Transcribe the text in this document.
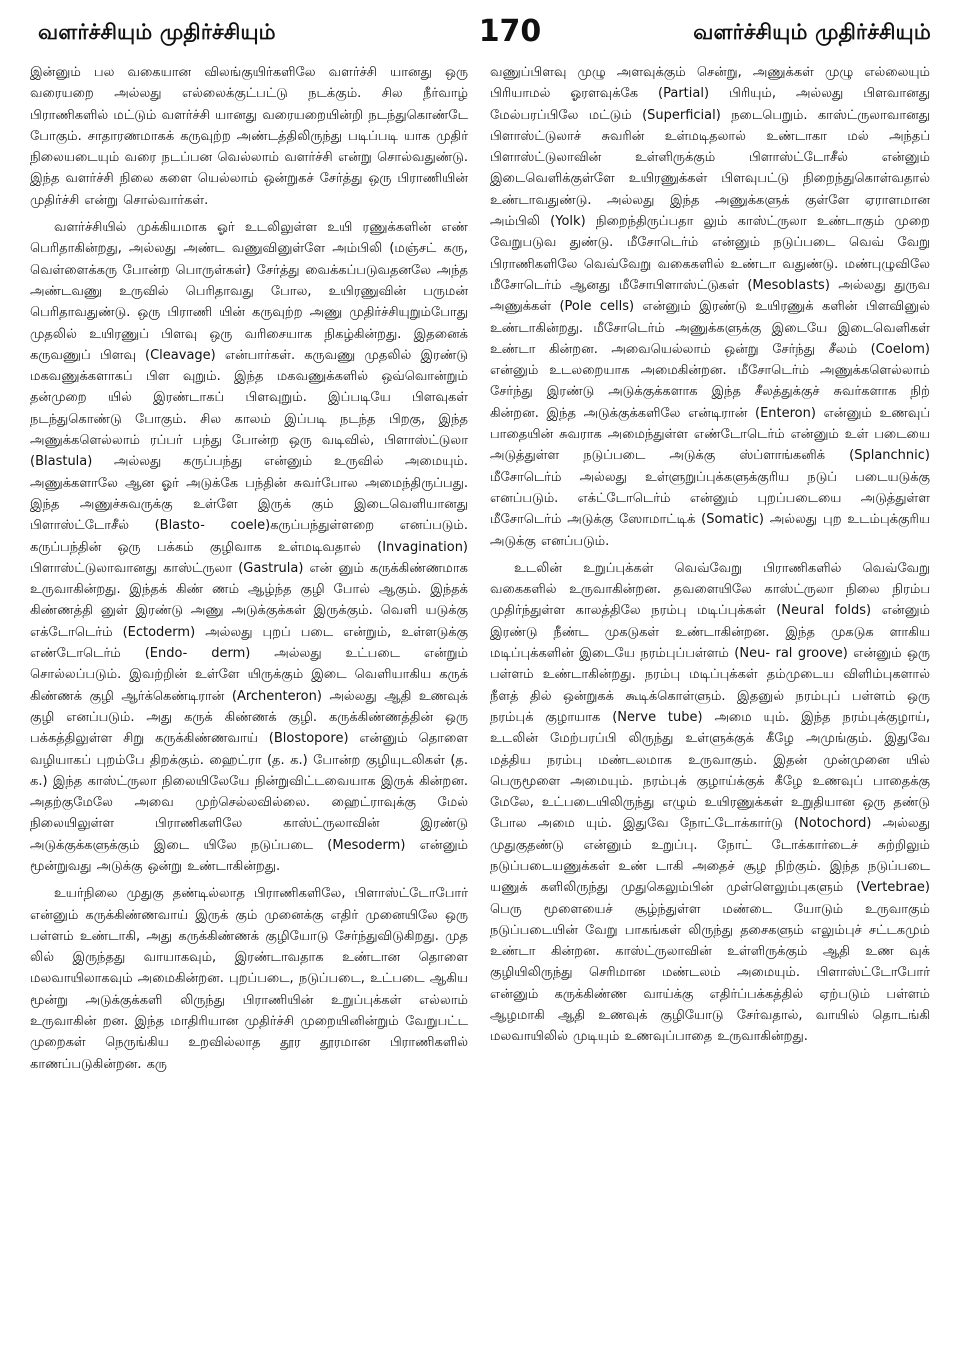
வளர்ச்சியும் முதிர்ச்சியும்	170	வளர்ச்சியும் முதிர்ச்சியும்

இன்னும் பல வகையான விலங்குயிர்களிலே வளர்ச்சி யானது ஒரு வரையறை அல்லது எல்லைக்குட்பட்டு நடக்கும். சில நீர்வாழ் பிராணிகளில் மட்டும் வளர்ச்சி யானது வரையறையின்றி நடந்துகொண்டே போகும். சாதாரணமாகக் கருவுற்ற அண்டத்திலிருந்து படிப்படி யாக முதிர் நிலையடையும் வரை நடப்பன வெல்லாம் வளர்ச்சி என்று சொல்வதுண்டு. இந்த வளர்ச்சி நிலை களை யெல்லாம் ஒன்றுகச் சேர்த்து ஒரு பிராணியின் முதிர்ச்சி என்று சொல்வார்கள்.

வளர்ச்சியில் முக்கியமாக ஓர் உடலிலுள்ள உயி ரணுக்களின் எண் பெரிதாகின்றது, அல்லது அண்ட வணுவினுள்ளே அம்பிலி (மஞ்சட் கரு, வெள்ளைக்கரு போன்ற பொருள்கள்) சேர்த்து வைக்கப்படுவதனலே அந்த அண்டவணு உருவில் பெரிதாவது போல, உயிரணுவின் பருமன் பெரிதாவதுண்டு. ஒரு பிராணி யின் கருவுற்ற அணு முதிர்ச்சியுறும்போது முதலில் உயிரணுப் பிளவு ஒரு வரிசையாக நிகழ்கின்றது. இதனைக் கருவணுப் பிளவு (Cleavage) என்பார்கள். கருவணு முதலில் இரண்டு மகவணுக்களாகப் பிள வுறும். இந்த மகவணுக்களில் ஒவ்வொன்றும் தன்முறை யில் இரண்டாகப் பிளவுறும். இப்படியே பிளவுகள் நடந்துகொண்டு போகும். சில காலம் இப்படி நடந்த பிறகு, இந்த அணுக்களெல்லாம் ரப்பர் பந்து போன்ற ஒரு வடிவில், பிளாஸ்ட்டுலா (Blastula) அல்லது கருப்பந்து என்னும் உருவில் அமையும். அணுக்களாலே ஆன ஓர் அடுக்கே பந்தின் சுவர்போல அமைந்திருப்பது. இந்த அணுச்சுவருக்கு உள்ளே இருக் கும் இடைவெளியானது பிளாஸ்ட்டோசீல் (Blasto- coele)கருப்பந்துள்ளறை எனப்படும். கருப்பந்தின் ஒரு பக்கம் குழிவாக உள்மடிவதால் (Invagination) பிளாஸ்ட்டுலாவானது காஸ்ட்ருலா (Gastrula) என் னும் கருக்கிண்ணமாக உருவாகின்றது. இந்தக் கிண் ணம் ஆழ்ந்த குழி போல் ஆகும். இந்தக் கிண்ணத்தி னுள் இரண்டு அணு அடுக்குக்கள் இருக்கும். வெளி யடுக்கு எக்டோடெர்ம் (Ectoderm) அல்லது புறப் படை என்றும், உள்ளடுக்கு எண்டோடெர்ம் (Endo- derm) அல்லது உட்படை என்றும் சொல்லப்படும். இவற்றின் உள்ளே யிருக்கும் இடை வெளியாகிய கருக் கிண்ணக் குழி ஆர்க்கெண்டிரான் (Archenteron) அல்லது ஆதி உணவுக் குழி எனப்படும். அது கருக் கிண்ணக் குழி. கருக்கிண்ணத்தின் ஒரு பக்கத்திலுள்ள சிறு கருக்கிண்ணவாய் (Blostopore) என்னும் தொளை வழியாகப் புறம்பே திறக்கும். ஹைட்ரா (த. க.) போன்ற குழியுடலிகள் (த. க.) இந்த காஸ்ட்ருலா நிலையிலேயே நின்றுவிட்டவையாக இருக் கின்றன. அதற்குமேலே அவை முற்செல்லவில்லை. ஹைட்ராவுக்கு மேல் நிலையிலுள்ள பிராணிகளிலே காஸ்ட்ருலாவின் இரண்டு அடுக்குக்களுக்கும் இடை யிலே நடுப்படை (Mesoderm) என்னும் மூன்றுவது அடுக்கு ஒன்று உண்டாகின்றது.

உயர்நிலை முதுகு தண்டில்லாத பிராணிகளிலே, பிளாஸ்ட்டோபோர் என்னும் கருக்கிண்ணவாய் இருக் கும் முனைக்கு எதிர் முனையிலே ஒரு பள்ளம் உண்டாகி, அது கருக்கிண்ணக் குழியோடு சேர்ந்துவிடுகிறது. முத லில் இருந்தது வாயாகவும், இரண்டாவதாக உண்டான தொளை மலவாயிலாகவும் அமைகின்றன. புறப்படை, நடுப்படை, உட்படை ஆகிய மூன்று அடுக்குக்களி லிருந்து பிராணியின் உறுப்புக்கள் எல்லாம் உருவாகின் றன. இந்த மாதிரியான முதிர்ச்சி முறையினின்றும் வேறுபட்ட முறைகள் நெருங்கிய உறவில்லாத தூர தூரமான பிராணிகளில் காணப்படுகின்றன. கரு

வணுப்பிளவு முழு அளவுக்கும் சென்று, அணுக்கள் முழு எல்லையும் பிரியாமல் ஓரளவுக்கே (Partial) பிரியும், அல்லது பிளவானது மேல்பரப்பிலே மட்டும் (Superficial) நடைபெறும். காஸ்ட்ருலாவானது பிளாஸ்ட்டுலாச் சுவரின் உள்மடிதலால் உண்டாகா மல் அந்தப் பிளாஸ்ட்டுலாவின் உள்ளிருக்கும் பிளாஸ்ட்டோசீல் என்னும் இடைவெளிக்குள்ளே உயிரணுக்கள் பிளவுபட்டு நிறைந்துகொள்வதால் உண்டாவதுண்டு. அல்லது இந்த அணுக்களுக் குள்ளே ஏராளமான அம்பிலி (Yolk) நிறைந்திருப்பதா லும் காஸ்ட்ருலா உண்டாகும் முறை வேறுபடுவ துண்டு. மீசோடெர்ம் என்னும் நடுப்படை வெவ் வேறு பிராணிகளிலே வெவ்வேறு வகைகளில் உண்டா வதுண்டு. மண்புழுவிலே மீசோடெர்ம் ஆனது மீசோபிளாஸ்ட்டுகள் (Mesoblasts) அல்லது துருவ அணுக்கள் (Pole cells) என்னும் இரண்டு உயிரணுக் களின் பிளவினுல் உண்டாகின்றது. மீசோடெர்ம் அணுக்களுக்கு இடையே இடைவெளிகள் உண்டா கின்றன. அவையெல்லாம் ஒன்று சேர்ந்து சீலம் (Coelom) என்னும் உடலறையாக அமைகின்றன. மீசோடெர்ம் அணுக்களெல்லாம் சேர்ந்து இரண்டு அடுக்குக்களாக இந்த சீலத்துக்குச் சுவர்களாக நிற் கின்றன. இந்த அடுக்குக்களிலே என்டிரான் (Enteron) என்னும் உணவுப் பாதையின் சுவராக அமைந்துள்ள எண்டோடெர்ம் என்னும் உள் படையை அடுத்துள்ள நடுப்படை அடுக்கு ஸ்ப்ளாங்கனிக் (Splanchnic) மீசோடெர்ம் அல்லது உள்ளுறுப்புக்களுக்குரிய நடுப் படையடுக்கு எனப்படும். எக்ட்டோடெர்ம் என்னும் புறப்படையை அடுத்துள்ள மீசோடெர்ம் அடுக்கு ஸோமாட்டிக் (Somatic) அல்லது புற உடம்புக்குரிய அடுக்கு எனப்படும்.

உடலின் உறுப்புக்கள் வெவ்வேறு பிராணிகளில் வெவ்வேறு வகைகளில் உருவாகின்றன. தவளையிலே காஸ்ட்ருலா நிலை நிரம்ப முதிர்ந்துள்ள காலத்திலே நரம்பு மடிப்புக்கள் (Neural folds) என்னும் இரண்டு நீண்ட முகடுகள் உண்டாகின்றன. இந்த முகடுக ளாகிய மடிப்புக்களின் இடையே நரம்புப்பள்ளம் (Neu- ral groove) என்னும் ஒரு பள்ளம் உண்டாகின்றது. நரம்பு மடிப்புக்கள் தம்முடைய விளிம்புகளால் நீளத் தில் ஒன்றுகக் கூடிக்கொள்ளும். இதனுல் நரம்புப் பள்ளம் ஒரு நரம்புக் குழாயாக (Nerve tube) அமை யும். இந்த நரம்புக்குழாய், உடலின் மேற்பரப்பி லிருந்து உள்ளுக்குக் கீழே அமுங்கும். இதுவே மத்திய நரம்பு மண்டலமாக உருவாகும். இதன் முன்முனை யில் பெருமூளை அமையும். நரம்புக் குழாய்க்குக் கீழே உணவுப் பாதைக்கு மேலே, உட்படையிலிருந்து எழும் உயிரணுக்கள் உறுதியான ஒரு தண்டு போல அமை யும். இதுவே நோட்டோக்கார்டு (Notochord) அல்லது முதுகுதண்டு என்னும் உறுப்பு. நோட் டோக்கார்டைச் சுற்றிலும் நடுப்படையணுக்கள் உண் டாகி அதைச் சூழ நிற்கும். இந்த நடுப்படை யணுக் களிலிருந்து முதுகெலும்பின் முள்ளெலும்புகளும் (Vertebrae) பெரு மூளையைச் சூழ்ந்துள்ள மண்டை யோடும் உருவாகும் நடுப்படையின் வேறு பாகங்கள் லிருந்து தசைகளும் எலும்புச் சட்டகமும் உண்டா கின்றன. காஸ்ட்ருலாவின் உள்ளிருக்கும் ஆதி உண வுக் குழியிலிருந்து செரிமான மண்டலம் அமையும். பிளாஸ்ட்டோபோர் என்னும் கருக்கிண்ண வாய்க்கு எதிர்ப்பக்கத்தில் ஏற்படும் பள்ளம் ஆழமாகி ஆதி உணவுக் குழியோடு சேர்வதால், வாயில் தொடங்கி மலவாயிலில் முடியும் உணவுப்பாதை உருவாகின்றது.
